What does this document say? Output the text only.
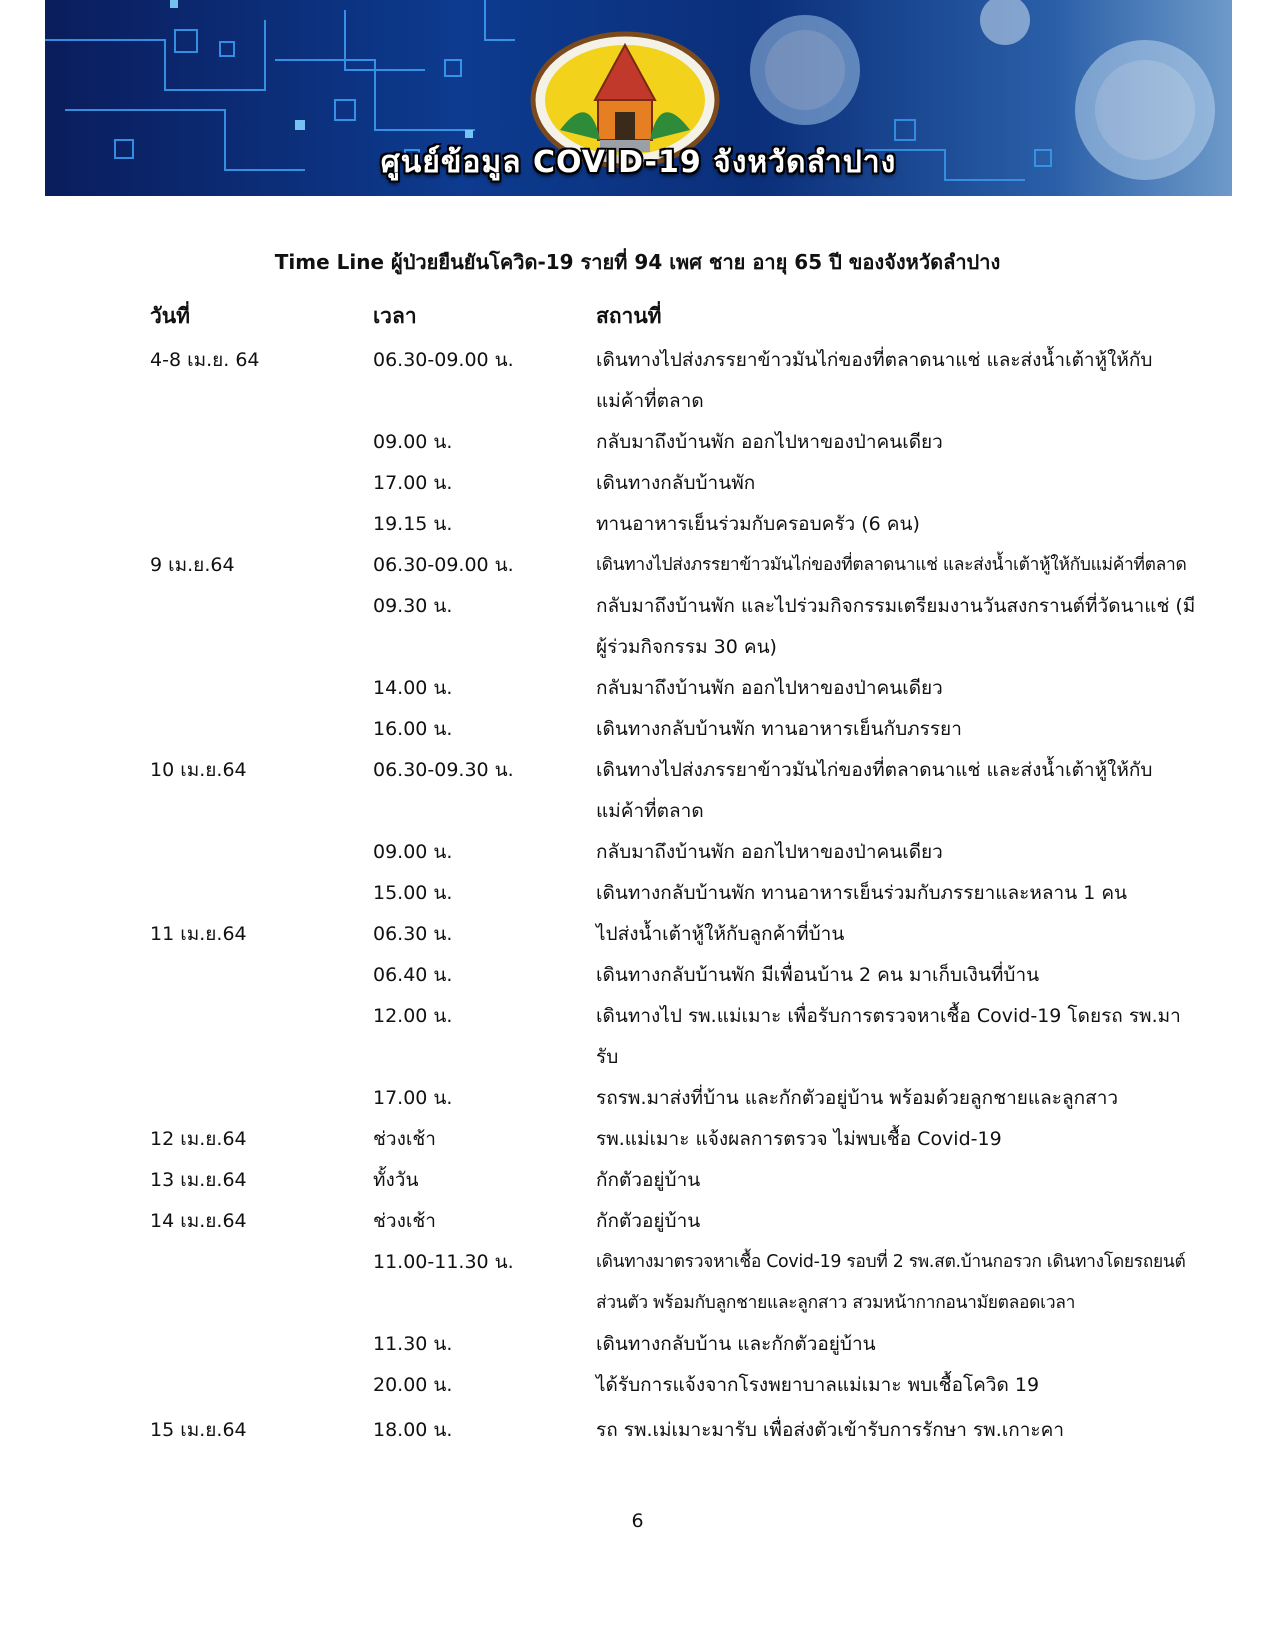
ศูนย์ข้อมูล COVID-19 จังหวัดลำปาง
Time Line ผู้ป่วยยืนยันโควิด-19 รายที่ 94 เพศ ชาย อายุ 65 ปี ของจังหวัดลำปาง
วันที่	เวลา	สถานที่
4-8 เม.ย. 64	06.30-09.00 น.	เดินทางไปส่งภรรยาข้าวมันไก่ของที่ตลาดนาแช่ และส่งน้ำเต้าหู้ให้กับแม่ค้าที่ตลาด
09.00 น.	กลับมาถึงบ้านพัก ออกไปหาของป่าคนเดียว
17.00 น.	เดินทางกลับบ้านพัก
19.15 น.	ทานอาหารเย็นร่วมกับครอบครัว (6 คน)
9 เม.ย.64	06.30-09.00 น.	เดินทางไปส่งภรรยาข้าวมันไก่ของที่ตลาดนาแช่ และส่งน้ำเต้าหู้ให้กับแม่ค้าที่ตลาด
09.30 น.	กลับมาถึงบ้านพัก และไปร่วมกิจกรรมเตรียมงานวันสงกรานต์ที่วัดนาแช่ (มีผู้ร่วมกิจกรรม 30 คน)
14.00 น.	กลับมาถึงบ้านพัก ออกไปหาของป่าคนเดียว
16.00 น.	เดินทางกลับบ้านพัก ทานอาหารเย็นกับภรรยา
10 เม.ย.64	06.30-09.30 น.	เดินทางไปส่งภรรยาข้าวมันไก่ของที่ตลาดนาแช่ และส่งน้ำเต้าหู้ให้กับแม่ค้าที่ตลาด
09.00 น.	กลับมาถึงบ้านพัก ออกไปหาของป่าคนเดียว
15.00 น.	เดินทางกลับบ้านพัก ทานอาหารเย็นร่วมกับภรรยาและหลาน 1 คน
11 เม.ย.64	06.30 น.	ไปส่งน้ำเต้าหู้ให้กับลูกค้าที่บ้าน
06.40 น.	เดินทางกลับบ้านพัก มีเพื่อนบ้าน 2 คน มาเก็บเงินที่บ้าน
12.00 น.	เดินทางไป รพ.แม่เมาะ เพื่อรับการตรวจหาเชื้อ Covid-19 โดยรถ รพ.มารับ
17.00 น.	รถรพ.มาส่งที่บ้าน และกักตัวอยู่บ้าน พร้อมด้วยลูกชายและลูกสาว
12 เม.ย.64	ช่วงเช้า	รพ.แม่เมาะ แจ้งผลการตรวจ ไม่พบเชื้อ Covid-19
13 เม.ย.64	ทั้งวัน	กักตัวอยู่บ้าน
14 เม.ย.64	ช่วงเช้า	กักตัวอยู่บ้าน
11.00-11.30 น.	เดินทางมาตรวจหาเชื้อ Covid-19 รอบที่ 2 รพ.สต.บ้านกอรวก เดินทางโดยรถยนต์ส่วนตัว พร้อมกับลูกชายและลูกสาว สวมหน้ากากอนามัยตลอดเวลา
11.30 น.	เดินทางกลับบ้าน และกักตัวอยู่บ้าน
20.00 น.	ได้รับการแจ้งจากโรงพยาบาลแม่เมาะ พบเชื้อโควิด 19
15 เม.ย.64	18.00 น.	รถ รพ.เม่เมาะมารับ เพื่อส่งตัวเข้ารับการรักษา รพ.เกาะคา
6
